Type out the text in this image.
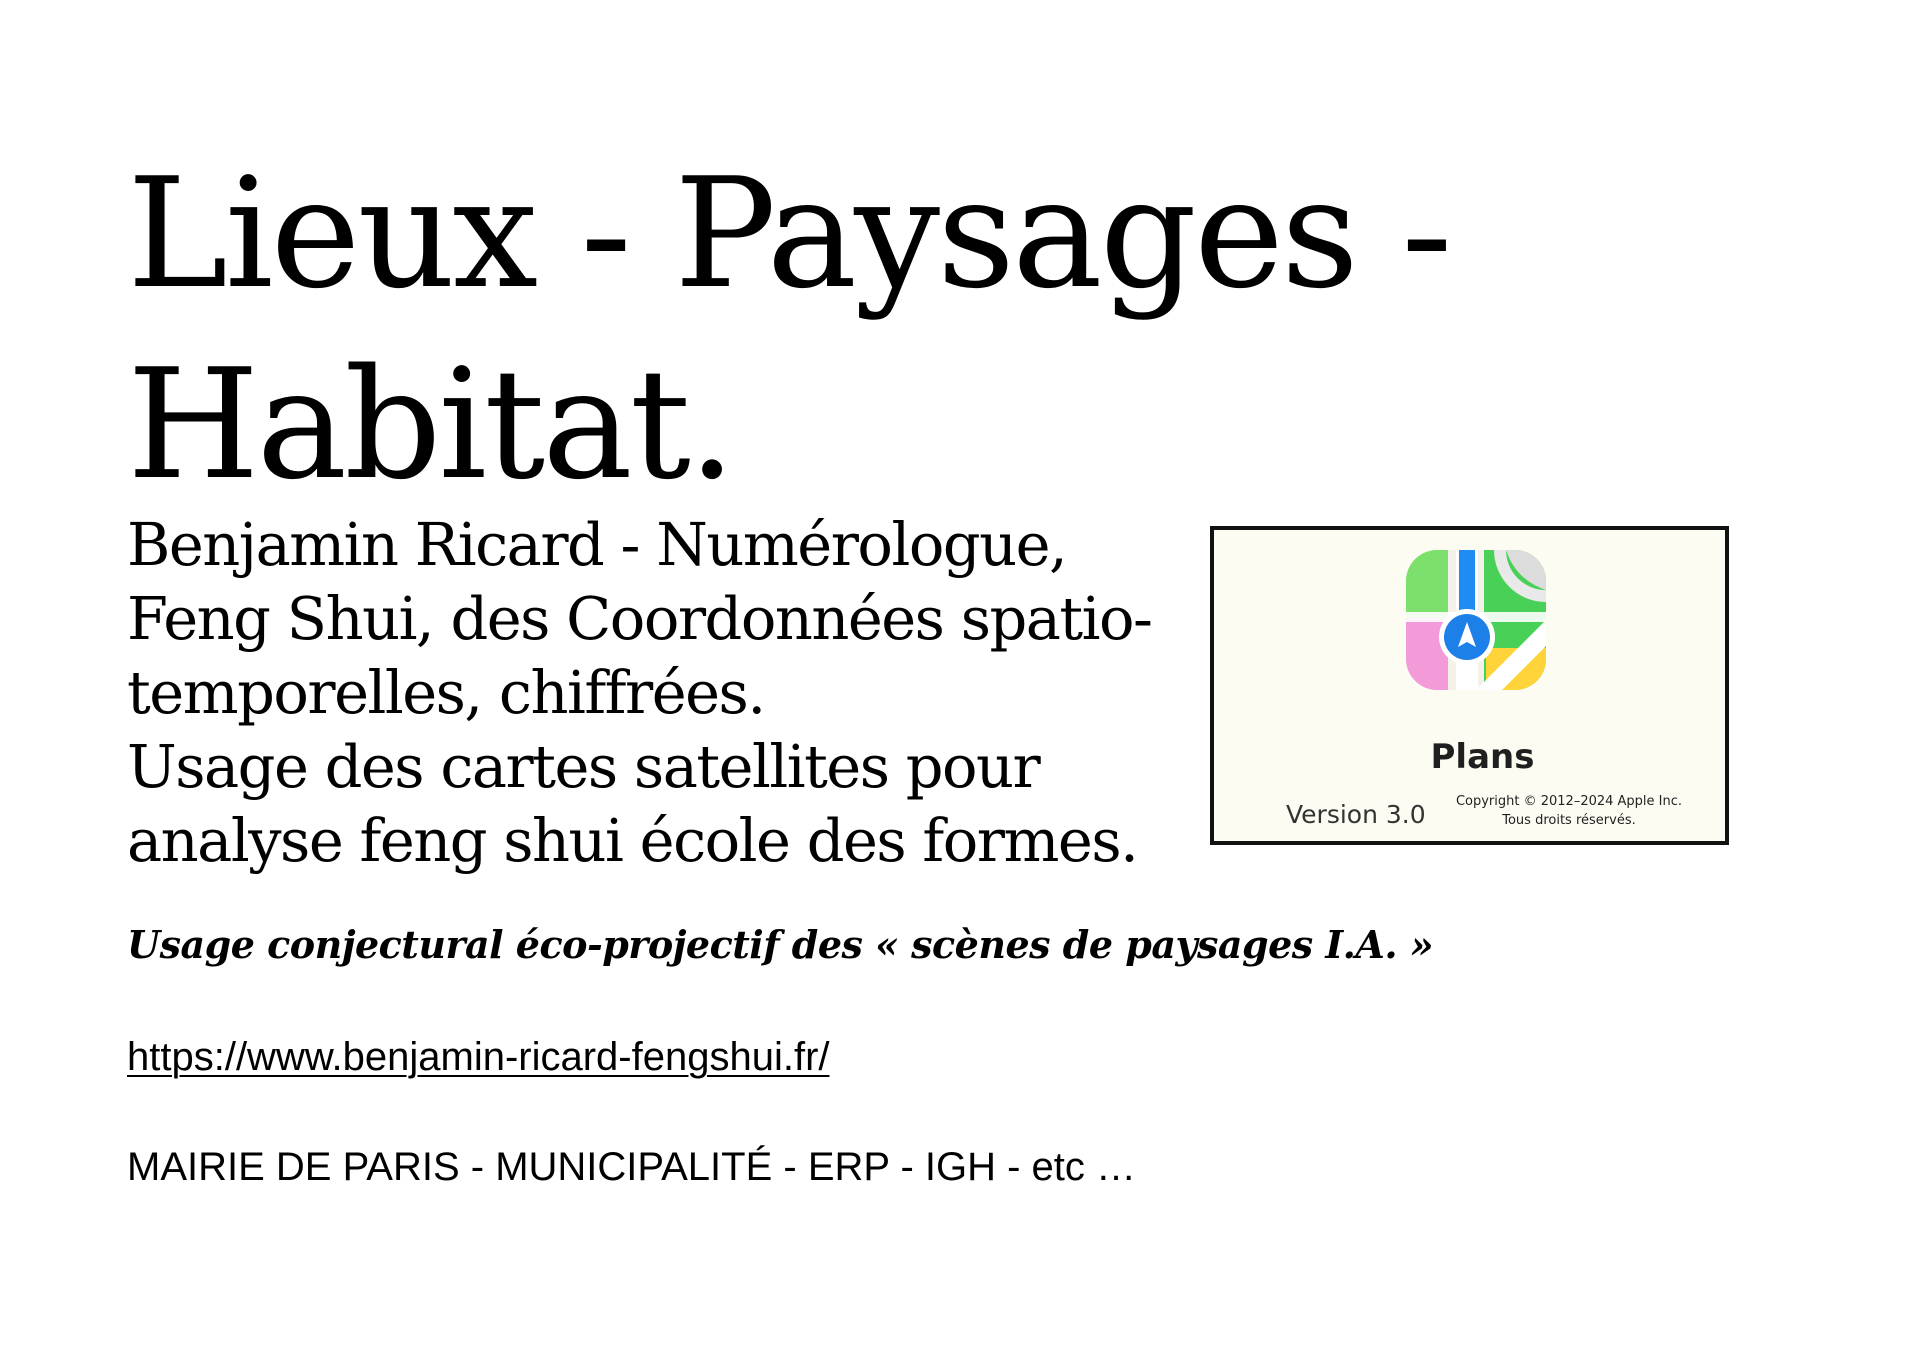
Lieux - Paysages -
Habitat.
Benjamin Ricard - Numérologue,
Feng Shui, des Coordonnées spatio-
temporelles, chiffrées.
Usage des cartes satellites pour
analyse feng shui école des formes.
Plans
Version 3.0	Copyright © 2012–2024 Apple Inc.
Tous droits réservés.
Usage conjectural éco-projectif des « scènes de paysages I.A. »
https://www.benjamin-ricard-fengshui.fr/
MAIRIE DE PARIS - MUNICIPALITÉ - ERP - IGH - etc …
